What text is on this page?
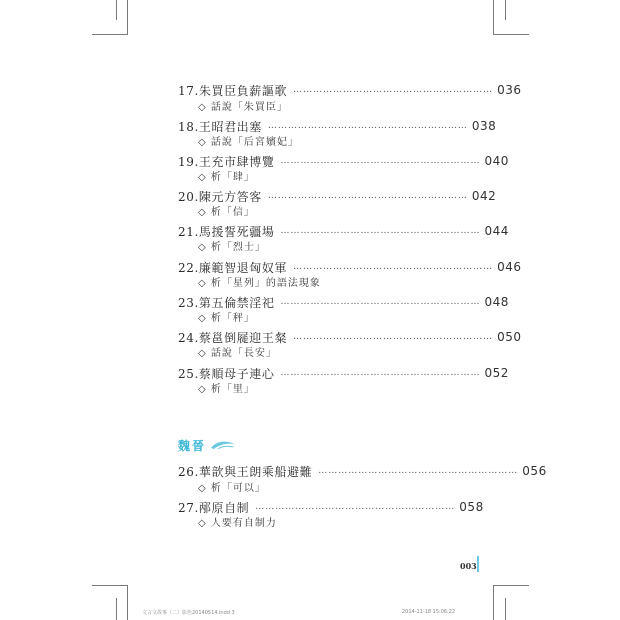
17.朱買臣負薪謳歌 …………………………………………………… 036
◇ 話說「朱買臣」
18.王昭君出塞 …………………………………………………… 038
◇ 話說「后宮嬪妃」
19.王充市肆博覽 …………………………………………………… 040
◇ 析「肆」
20.陳元方答客 …………………………………………………… 042
◇ 析「信」
21.馬援誓死疆場 …………………………………………………… 044
◇ 析「烈士」
22.廉範智退匈奴軍 …………………………………………………… 046
◇ 析「星列」的語法現象
23.第五倫禁淫祀 …………………………………………………… 048
◇ 析「秤」
24.蔡邕倒屣迎王粲 …………………………………………………… 050
◇ 話說「長安」
25.蔡順母子連心 …………………………………………………… 052
◇ 析「里」
魏晉
26.華歆與王朗乘船避難 …………………………………………………… 056
◇ 析「可以」
27.邴原自制 …………………………………………………… 058
◇ 人要有自制力
003
文言文故事（二）影色20140514.indd 3	2014-11-18 15:06:22
